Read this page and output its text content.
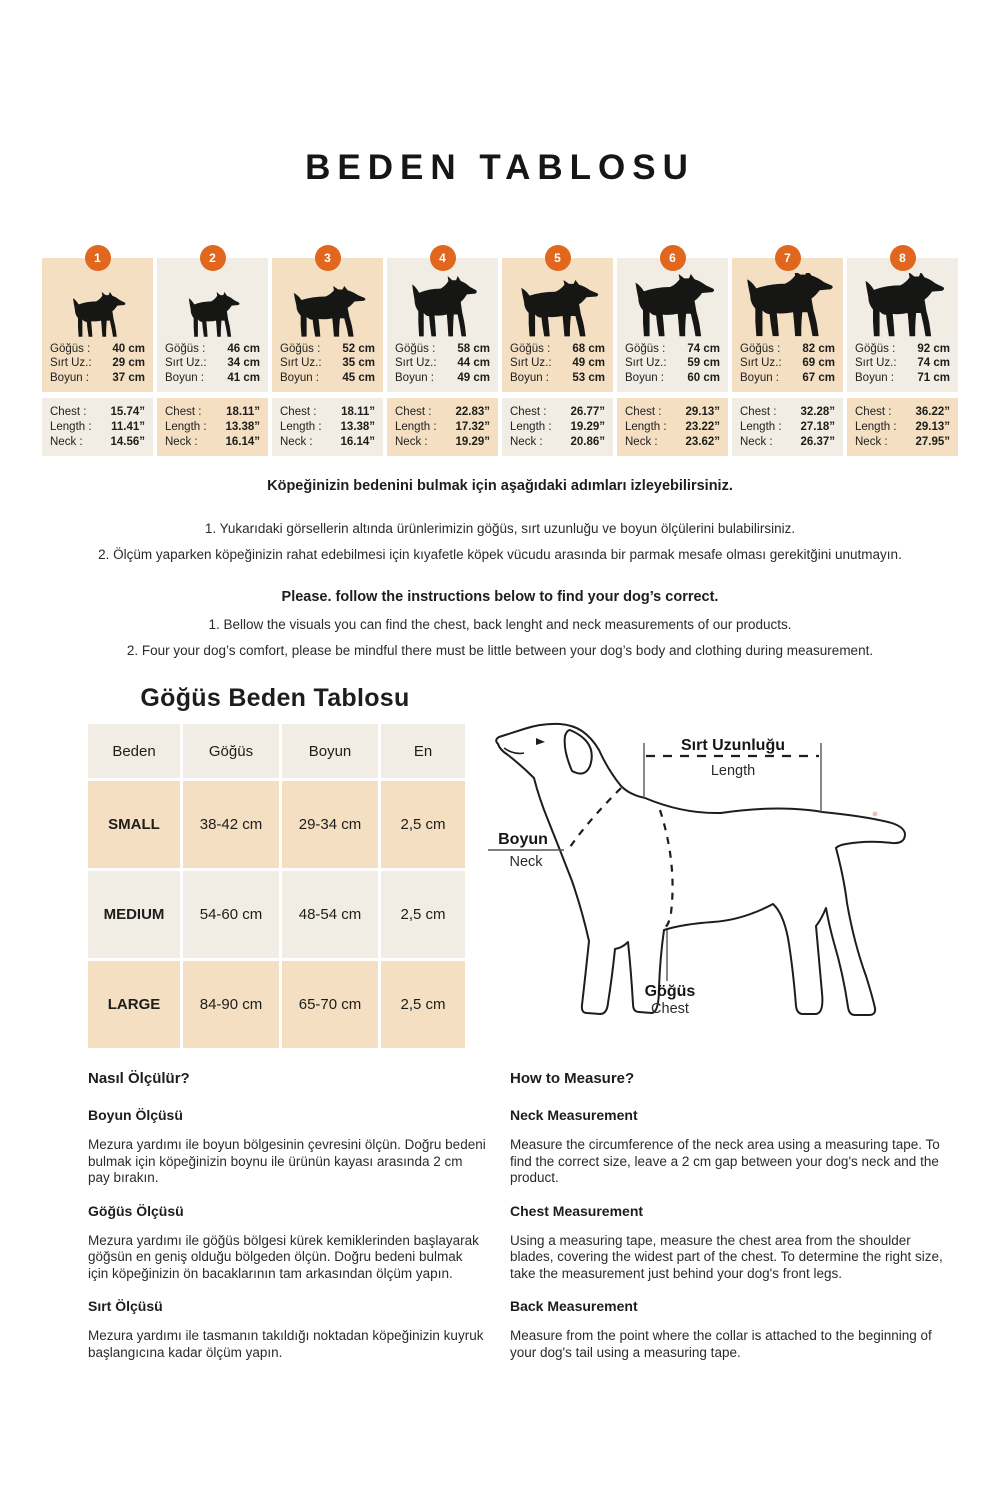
BEDEN TABLOSU
1
Göğüs : 40 cm
Sırt Uz.: 29 cm
Boyun : 37 cm
Chest : 15.74”
Length : 11.41”
Neck : 14.56”
2
Göğüs : 46 cm
Sırt Uz.: 34 cm
Boyun : 41 cm
Chest : 18.11”
Length : 13.38”
Neck : 16.14”
3
Göğüs : 52 cm
Sırt Uz.: 35 cm
Boyun : 45 cm
Chest : 18.11”
Length : 13.38”
Neck : 16.14”
4
Göğüs : 58 cm
Sırt Uz.: 44 cm
Boyun : 49 cm
Chest : 22.83”
Length : 17.32”
Neck : 19.29”
5
Göğüs : 68 cm
Sırt Uz.: 49 cm
Boyun : 53 cm
Chest : 26.77”
Length : 19.29”
Neck : 20.86”
6
Göğüs : 74 cm
Sırt Uz.: 59 cm
Boyun : 60 cm
Chest : 29.13”
Length : 23.22”
Neck : 23.62”
7
Göğüs : 82 cm
Sırt Uz.: 69 cm
Boyun : 67 cm
Chest : 32.28”
Length : 27.18”
Neck : 26.37”
8
Göğüs : 92 cm
Sırt Uz.: 74 cm
Boyun : 71 cm
Chest : 36.22”
Length : 29.13”
Neck : 27.95”

Köpeğinizin bedenini bulmak için aşağıdaki adımları izleyebilirsiniz.

1. Yukarıdaki görsellerin altında ürünlerimizin göğüs, sırt uzunluğu ve boyun ölçülerini bulabilirsiniz.

2. Ölçüm yaparken köpeğinizin rahat edebilmesi için kıyafetle köpek vücudu arasında bir parmak mesafe olması gerekitğini unutmayın.

Please. follow the instructions below to find your dog’s correct.

1. Bellow the visuals you can find the chest, back lenght and neck measurements of our products.

2. Four your dog’s comfort, please be mindful there must be little between your dog’s body and clothing during measurement.

Göğüs Beden Tablosu
Beden	Göğüs	Boyun	En
SMALL	38-42 cm 29-34 cm	2,5 cm
MEDIUM 54-60 cm 48-54 cm	2,5 cm
LARGE	84-90 cm 65-70 cm	2,5 cm
Sırt Uzunluğu
Length
Boyun
Neck
Göğüs
Chest
Nasıl Ölçülür?
Boyun Ölçüsü

Mezura yardımı ile boyun bölgesinin çevresini ölçün. Doğru bedeni bulmak için köpeğinizin boynu ile ürünün kayası arasında 2 cm pay bırakın.

Göğüs Ölçüsü

Mezura yardımı ile göğüs bölgesi kürek kemiklerinden başlayarak göğsün en geniş olduğu bölgeden ölçün. Doğru bedeni bulmak için köpeğinizin ön bacaklarının tam arkasından ölçüm yapın.

Sırt Ölçüsü

Mezura yardımı ile tasmanın takıldığı noktadan köpeğinizin kuyruk başlangıcına kadar ölçüm yapın.

How to Measure?
Neck Measurement

Measure the circumference of the neck area using a measuring tape. To find the correct size, leave a 2 cm gap between your dog's neck and the product.

Chest Measurement

Using a measuring tape, measure the chest area from the shoulder blades, covering the widest part of the chest. To determine the right size, take the measurement just behind your dog's front legs.

Back Measurement

Measure from the point where the collar is attached to the beginning of your dog's tail using a measuring tape.
